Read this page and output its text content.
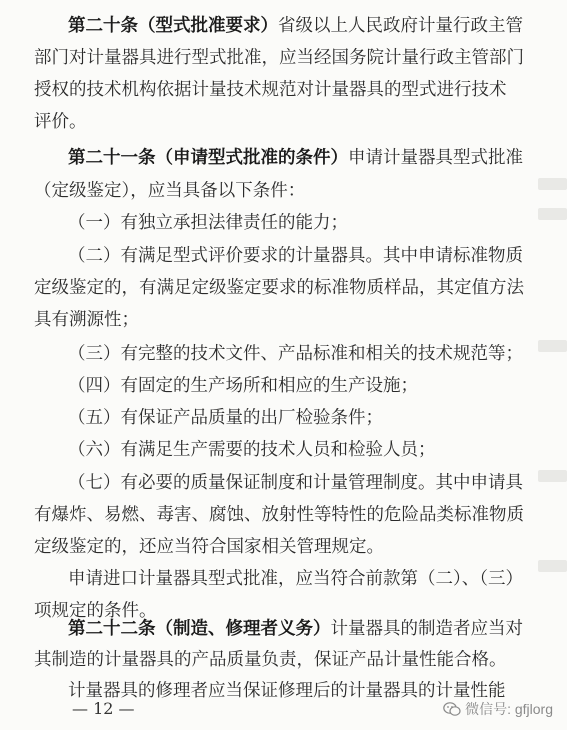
第二十条（型式批准要求）省级以上人民政府计量行政主管
部门对计量器具进行型式批准，应当经国务院计量行政主管部门
授权的技术机构依据计量技术规范对计量器具的型式进行技术
评价。
第二十一条（申请型式批准的条件）申请计量器具型式批准
（定级鉴定），应当具备以下条件：
（一）有独立承担法律责任的能力；
（二）有满足型式评价要求的计量器具。其中申请标准物质
定级鉴定的，有满足定级鉴定要求的标准物质样品，其定值方法
具有溯源性；
（三）有完整的技术文件、产品标准和相关的技术规范等；
（四）有固定的生产场所和相应的生产设施；
（五）有保证产品质量的出厂检验条件；
（六）有满足生产需要的技术人员和检验人员；
（七）有必要的质量保证制度和计量管理制度。其中申请具
有爆炸、易燃、毒害、腐蚀、放射性等特性的危险品类标准物质
定级鉴定的，还应当符合国家相关管理规定。
申请进口计量器具型式批准，应当符合前款第（二）、（三）
项规定的条件。
第二十二条（制造、修理者义务）计量器具的制造者应当对
— 12 —	微信号: gfjlorg
其制造的计量器具的产品质量负责，保证产品计量性能合格。
计量器具的修理者应当保证修理后的计量器具的计量性能
